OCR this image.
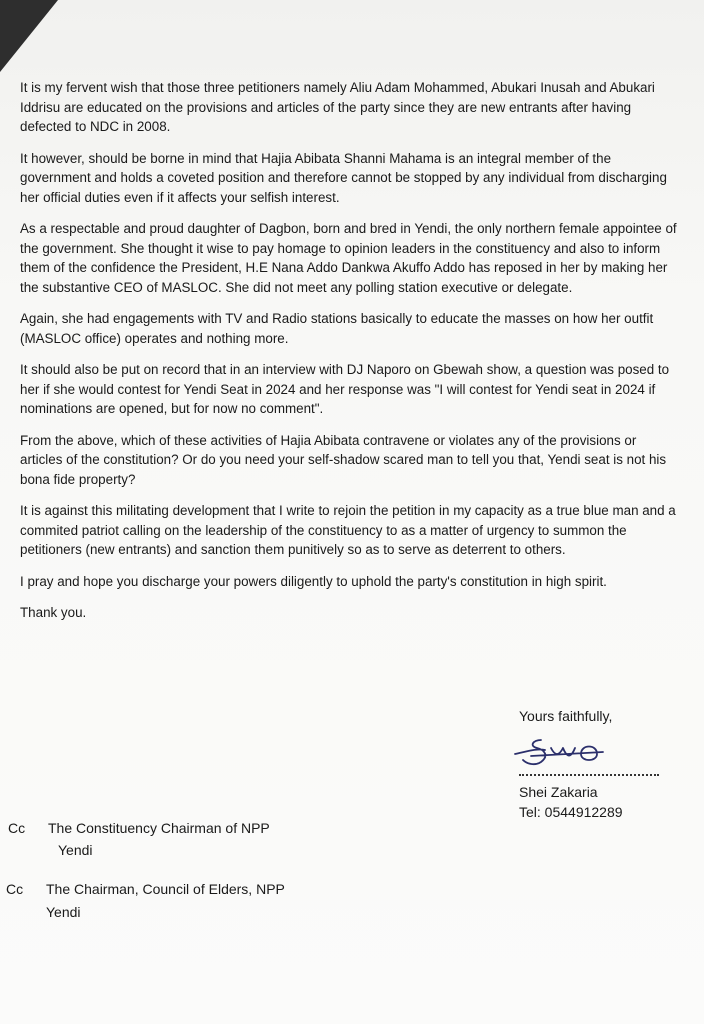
It is my fervent wish that those three petitioners namely Aliu Adam Mohammed, Abukari Inusah and Abukari Iddrisu are educated on the provisions and articles of the party since they are new entrants after having defected to NDC in 2008.

It however, should be borne in mind that Hajia Abibata Shanni Mahama is an integral member of the government and holds a coveted position and therefore cannot be stopped by any individual from discharging her official duties even if it affects your selfish interest.

As a respectable and proud daughter of Dagbon, born and bred in Yendi, the only northern female appointee of the government. She thought it wise to pay homage to opinion leaders in the constituency and also to inform them of the confidence the President, H.E Nana Addo Dankwa Akuffo Addo has reposed in her by making her the substantive CEO of MASLOC. She did not meet any polling station executive or delegate.

Again, she had engagements with TV and Radio stations basically to educate the masses on how her outfit (MASLOC office) operates and nothing more.

It should also be put on record that in an interview with DJ Naporo on Gbewah show, a question was posed to her if she would contest for Yendi Seat in 2024 and her response was "I will contest for Yendi seat in 2024 if nominations are opened, but for now no comment".

From the above, which of these activities of Hajia Abibata contravene or violates any of the provisions or articles of the constitution? Or do you need your self-shadow scared man to tell you that, Yendi seat is not his bona fide property?

It is against this militating development that I write to rejoin the petition in my capacity as a true blue man and a commited patriot calling on the leadership of the constituency to as a matter of urgency to summon the petitioners (new entrants) and sanction them punitively so as to serve as deterrent to others.

I pray and hope you discharge your powers diligently to uphold the party's constitution in high spirit.

Thank you.

Yours faithfully,
Shei Zakaria
Tel: 0544912289
Cc The Constituency Chairman of NPP
Yendi
Cc The Chairman, Council of Elders, NPP
Yendi
